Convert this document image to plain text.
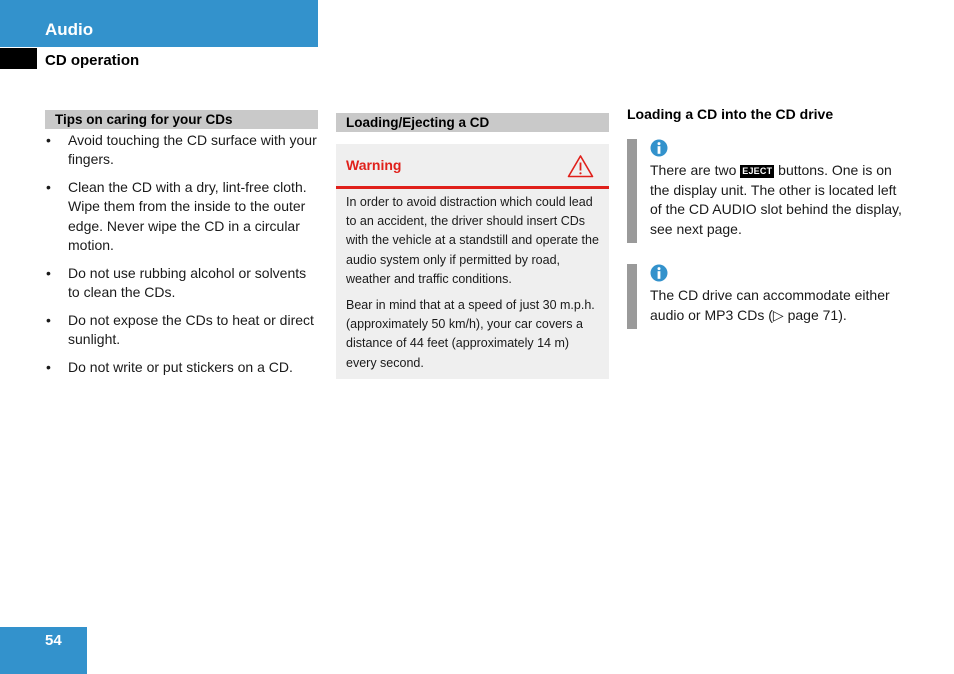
Audio
CD operation
Tips on caring for your CDs
• Avoid touching the CD surface with your fingers.
• Clean the CD with a dry, lint-free cloth. Wipe them from the inside to the outer edge. Never wipe the CD in a circular motion.
• Do not use rubbing alcohol or solvents to clean the CDs.
• Do not expose the CDs to heat or direct sunlight.
• Do not write or put stickers on a CD.
Loading/Ejecting a CD
Warning

In order to avoid distraction which could lead to an accident, the driver should insert CDs with the vehicle at a standstill and operate the audio system only if permitted by road, weather and traffic conditions.

Bear in mind that at a speed of just 30 m.p.h. (approximately 50 km/h), your car covers a distance of 44 feet (approximately 14 m) every second.

Loading a CD into the CD drive

There are two EJECT buttons. One is on the display unit. The other is located left of the CD AUDIO slot behind the display, see next page.

The CD drive can accommodate either audio or MP3 CDs (▷ page 71).

54
